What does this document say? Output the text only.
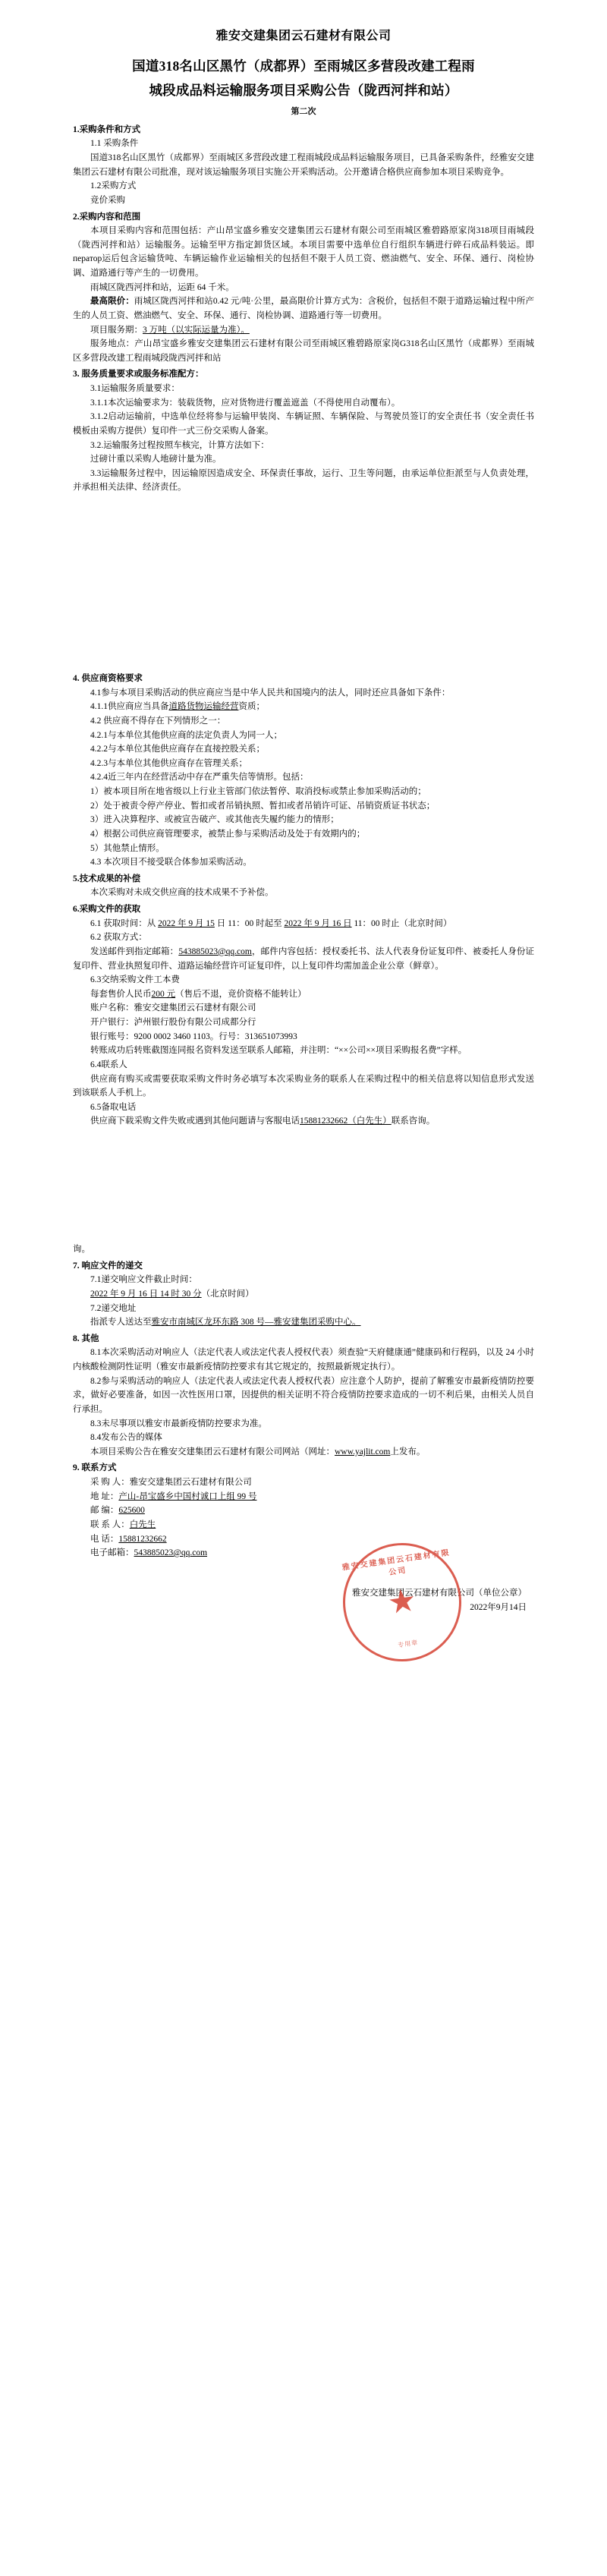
雅安交建集团云石建材有限公司
国道318名山区黑竹（成都界）至雨城区多营段改建工程雨
城段成品料运输服务项目采购公告（陇西河拌和站）
第二次
1.采购条件和方式
1.1 采购条件
国道318名山区黑竹（成都界）至雨城区多营段改建工程雨城段成品料运输服务项目，已具备采购条件，经雅安交建集团云石建材有限公司批准，现对该运输服务项目实施公开采购活动。公开邀请合格供应商参加本项目采购竞争。
1.2采购方式
竞价采购
2.采购内容和范围
本项目采购内容和范围包括：产山昂宝盛乡雅安交建集团云石建材有限公司至雨城区雅碧路原家岗318项目雨城段（陇西河拌和站）运输服务。运输至甲方指定卸货区域。本项目需要中选单位自行组织车辆进行碎石成品料装运。即ператор运后包含运输货吨、车辆运输作业运输相关的包括但不限于人员工资、燃油燃气、安全、环保、通行、岗检协调、道路通行等产生的一切费用。
雨城区陇西河拌和站，运距 64 千米。
最高限价：雨城区陇西河拌和站0.42 元/吨·公里，最高限价计算方式为：含税价，包括但不限于道路运输过程中所产生的人员工资、燃油燃气、安全、环保、通行、岗检协调、道路通行等一切费用。
项目服务期：3 万吨（以实际运量为准）。
服务地点：产山昂宝盛乡雅安交建集团云石建材有限公司至雨城区雅碧路原家岗G318名山区黑竹（成都界）至雨城区多营段改建工程雨城段陇西河拌和站
3. 服务质量要求或服务标准配方：
3.1运输服务质量要求：
3.1.1本次运输要求为：装载货物，应对货物进行覆盖遮盖（不得使用自动覆布）。
3.1.2启动运输前，中选单位经将参与运输甲装岗、车辆证照、车辆保险、与驾驶员签订的安全责任书（安全责任书模板由采购方提供）复印件一式三份交采购人备案。
3.2.运输服务过程按照车核完，计算方法如下：
过磅计重以采购人地磅计量为准。
3.3运输服务过程中，因运输原因造成安全、环保责任事故，运行、卫生等问题，由承运单位拒派至与人负责处理，并承担相关法律、经济责任。
4. 供应商资格要求
4.1参与本项目采购活动的供应商应当是中华人民共和国境内的法人，同时还应具备如下条件：
4.1.1供应商应当具备道路货物运输经营资质；
4.2 供应商不得存在下列情形之一：
4.2.1与本单位其他供应商的法定负责人为同一人；
4.2.2与本单位其他供应商存在直接控股关系；
4.2.3与本单位其他供应商存在管理关系；
4.2.4近三年内在经营活动中存在严重失信等情形。包括：
1）被本项目所在地省级以上行业主管部门依法暂停、取消投标或禁止参加采购活动的；
2）处于被责令停产停业、暂扣或者吊销执照、暂扣或者吊销许可证、吊销资质证书状态；
3）进入决算程序、或被宣告破产、或其他丧失履约能力的情形；
4）根据公司供应商管理要求，被禁止参与采购活动及处于有效期内的；
5）其他禁止情形。
4.3 本次项目不接受联合体参加采购活动。
5.技术成果的补偿
本次采购对未成交供应商的技术成果不予补偿。
6.采购文件的获取
6.1 获取时间：从 2022 年 9 月 15 日 11：00 时起至 2022 年 9 月 16 日 11：00 时止（北京时间）
6.2 获取方式：
发送邮件到指定邮箱：543885023@qq.com，邮件内容包括：授权委托书、法人代表身份证复印件、被委托人身份证复印件、营业执照复印件、道路运输经营许可证复印件，以上复印件均需加盖企业公章（鲜章）。
6.3交纳采购文件工本费
每套售价人民币200 元（售后不退，竞价资格不能转让）
账户名称：雅安交建集团云石建材有限公司
开户银行：泸州银行股份有限公司成都分行
银行账号：9200 0002 3460 1103。行号：313651073993
转账成功后转账截图连同报名资料发送至联系人邮箱，并注明：“××公司××项目采购报名费”字样。
6.4联系人
供应商有购买或需要获取采购文件时务必填写本次采购业务的联系人在采购过程中的相关信息将以知信息形式发送到该联系人手机上。
6.5备取电话
供应商下载采购文件失败或遇到其他问题请与客服电话15881232662（白先生）联系咨询。
询。
7. 响应文件的递交
7.1递交响应文件截止时间：
2022 年 9 月 16 日 14 时 30 分（北京时间）
7.2递交地址
指派专人送达至雅安市南城区龙环东路 308 号—雅安建集团采购中心。
8. 其他
8.1本次采购活动对响应人（法定代表人或法定代表人授权代表）须查验“天府健康通”健康码和行程码，以及 24 小时内核酸检测阴性证明（雅安市最新疫情防控要求有其它规定的，按照最新规定执行）。
8.2参与采购活动的响应人（法定代表人或法定代表人授权代表）应注意个人防护，提前了解雅安市最新疫情防控要求，做好必要准备，如因一次性医用口罩，因提供的相关证明不符合疫情防控要求造成的一切不利后果，由相关人员自行承担。
8.3未尽事项以雅安市最新疫情防控要求为准。
8.4发布公告的媒体
本项目采购公告在雅安交建集团云石建材有限公司网站（网址：www.yajlit.com上发布。
9. 联系方式
采 购 人：雅安交建集团云石建材有限公司
地 址：产山-昂宝盛乡中国村诚口上组 99 号
邮 编：625600
联 系 人：白先生
电 话：15881232662
电子邮箱：543885023@qq.com
雅安交建集团云石建材有限公司（单位公章）
2022年9月14日
雅安交建集团云石建材有限公司
★
专用章
